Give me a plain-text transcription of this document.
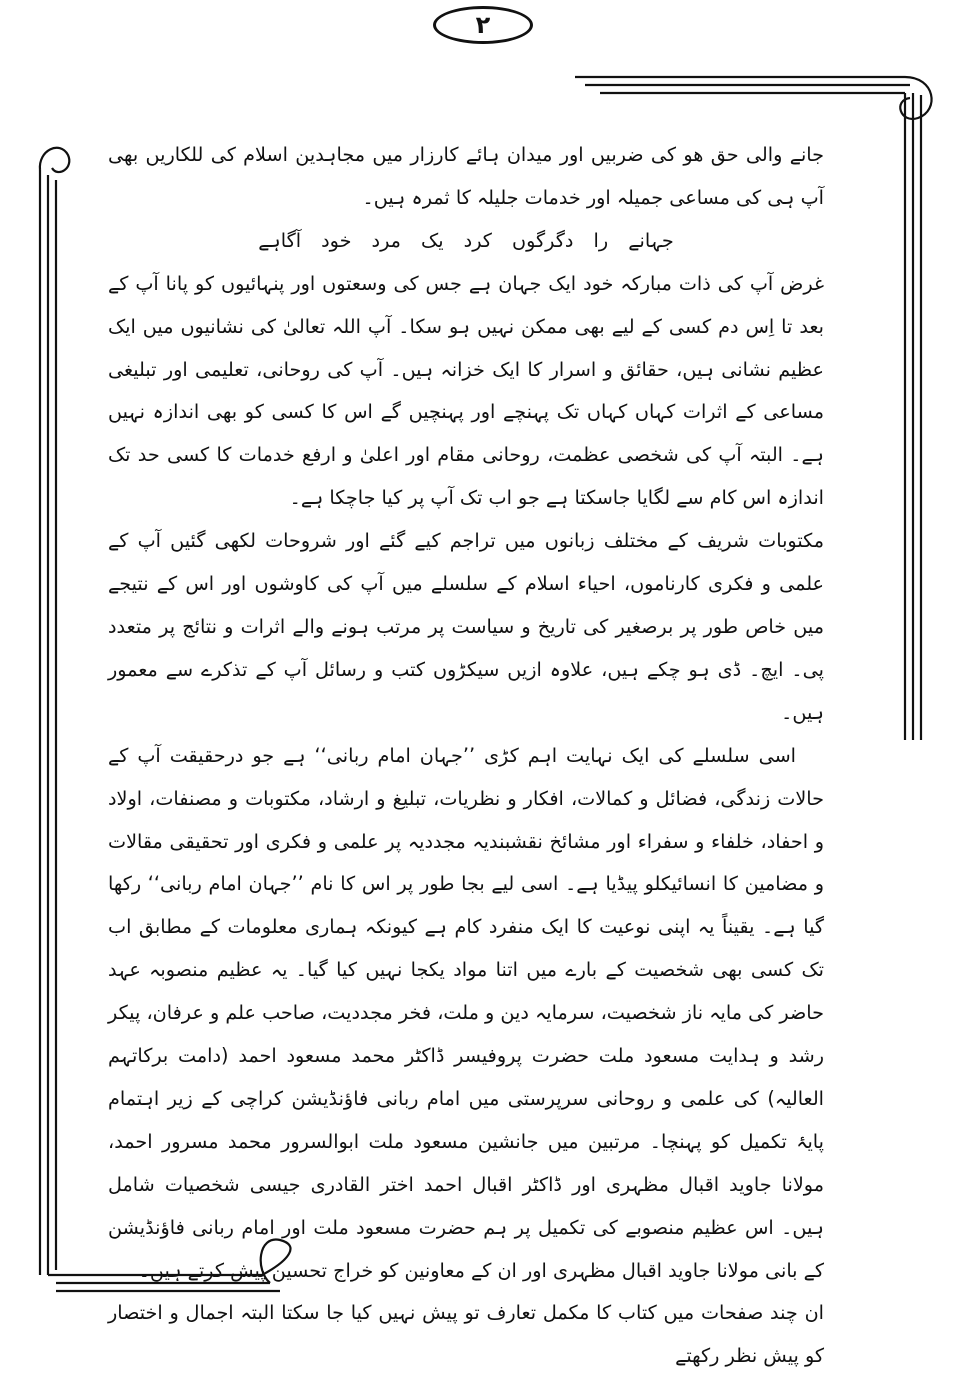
۲

جانے والی حق ھو کی ضربیں اور میدان ہائے کارزار میں مجاہدین اسلام کی للکاریں بھی آپ ہی کی مساعی جمیلہ اور خدمات جلیلہ کا ثمرہ ہیں۔

جہانے را دگرگوں کرد یک مرد خود آگاہے

غرض آپ کی ذات مبارکہ خود ایک جہان ہے جس کی وسعتوں اور پنہائیوں کو پانا آپ کے بعد تا اِس دم کسی کے لیے بھی ممکن نہیں ہو سکا۔ آپ اللہ تعالیٰ کی نشانیوں میں ایک عظیم نشانی ہیں، حقائق و اسرار کا ایک خزانہ ہیں۔ آپ کی روحانی، تعلیمی اور تبلیغی مساعی کے اثرات کہاں کہاں تک پہنچے اور پہنچیں گے اس کا کسی کو بھی اندازہ نہیں ہے۔ البتہ آپ کی شخصی عظمت، روحانی مقام اور اعلیٰ و ارفع خدمات کا کسی حد تک اندازہ اس کام سے لگایا جاسکتا ہے جو اب تک آپ پر کیا جاچکا ہے۔

مکتوبات شریف کے مختلف زبانوں میں تراجم کیے گئے اور شروحات لکھی گئیں آپ کے علمی و فکری کارناموں، احیاء اسلام کے سلسلے میں آپ کی کاوشوں اور اس کے نتیجے میں خاص طور پر برصغیر کی تاریخ و سیاست پر مرتب ہونے والے اثرات و نتائج پر متعدد پی۔ ایچ۔ ڈی ہو چکے ہیں، علاوہ ازیں سیکڑوں کتب و رسائل آپ کے تذکرے سے معمور ہیں۔

اسی سلسلے کی ایک نہایت اہم کڑی ’’جہان امام ربانی‘‘ ہے جو درحقیقت آپ کے حالات زندگی، فضائل و کمالات، افکار و نظریات، تبلیغ و ارشاد، مکتوبات و مصنفات، اولاد و احفاد، خلفاء و سفراء اور مشائخ نقشبندیہ مجددیہ پر علمی و فکری اور تحقیقی مقالات و مضامین کا انسائیکلو پیڈیا ہے۔ اسی لیے بجا طور پر اس کا نام ’’جہان امام ربانی‘‘ رکھا گیا ہے۔ یقیناً یہ اپنی نوعیت کا ایک منفرد کام ہے کیونکہ ہماری معلومات کے مطابق اب تک کسی بھی شخصیت کے بارے میں اتنا مواد یکجا نہیں کیا گیا۔ یہ عظیم منصوبہ عہد حاضر کی مایہ ناز شخصیت، سرمایہ دین و ملت، فخر مجددیت، صاحب علم و عرفان، پیکر رشد و ہدایت مسعود ملت حضرت پروفیسر ڈاکٹر محمد مسعود احمد (دامت برکاتہم العالیہ) کی علمی و روحانی سرپرستی میں امام ربانی فاؤنڈیشن کراچی کے زیر اہتمام پایۂ تکمیل کو پہنچا۔ مرتبین میں جانشین مسعود ملت ابوالسرور محمد مسرور احمد، مولانا جاوید اقبال مظہری اور ڈاکٹر اقبال احمد اختر القادری جیسی شخصیات شامل ہیں۔ اس عظیم منصوبے کی تکمیل پر ہم حضرت مسعود ملت اور امام ربانی فاؤنڈیشن کے بانی مولانا جاوید اقبال مظہری اور ان کے معاونین کو خراج تحسین پیش کرتے ہیں۔

ان چند صفحات میں کتاب کا مکمل تعارف تو پیش نہیں کیا جا سکتا البتہ اجمال و اختصار کو پیش نظر رکھتے
